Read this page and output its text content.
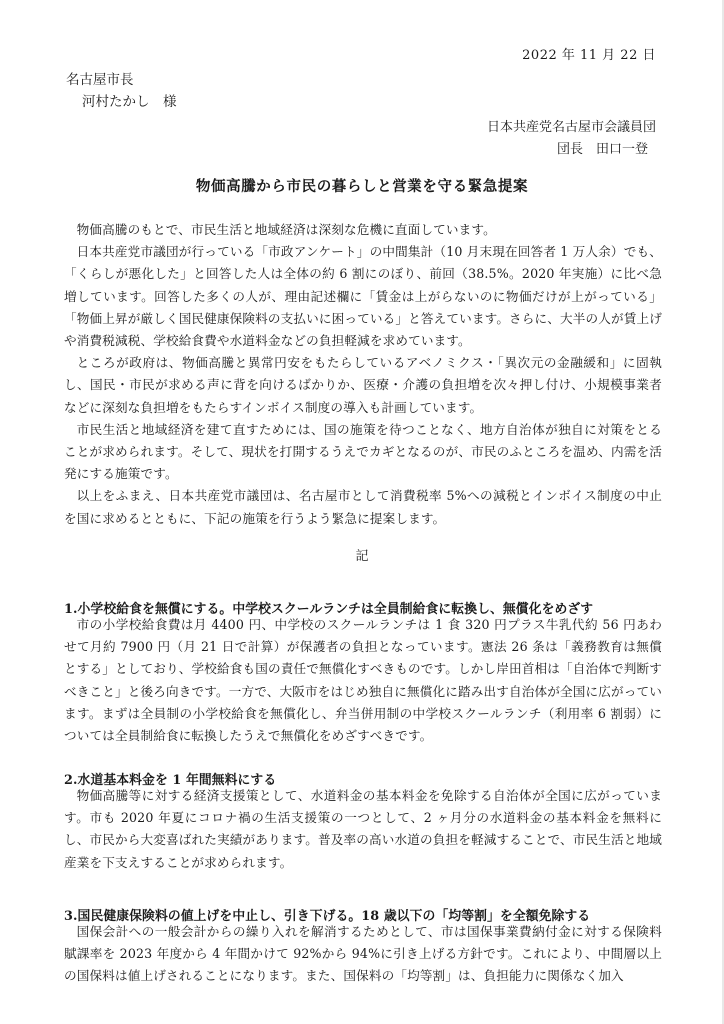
2022 年 11 月 22 日
名古屋市長
河村たかし　様
日本共産党名古屋市会議員団
団長　田口一登
物価高騰から市民の暮らしと営業を守る緊急提案

物価高騰のもとで、市民生活と地域経済は深刻な危機に直面しています。

日本共産党市議団が行っている「市政アンケート」の中間集計（10 月末現在回答者 1 万人余）でも、「くらしが悪化した」と回答した人は全体の約 6 割にのぼり、前回（38.5%。2020 年実施）に比べ急増しています。回答した多くの人が、理由記述欄に「賃金は上がらないのに物価だけが上がっている」「物価上昇が厳しく国民健康保険料の支払いに困っている」と答えています。さらに、大半の人が賃上げや消費税減税、学校給食費や水道料金などの負担軽減を求めています。

ところが政府は、物価高騰と異常円安をもたらしているアベノミクス・「異次元の金融緩和」に固執し、国民・市民が求める声に背を向けるばかりか、医療・介護の負担増を次々押し付け、小規模事業者などに深刻な負担増をもたらすインボイス制度の導入も計画しています。

市民生活と地域経済を建て直すためには、国の施策を待つことなく、地方自治体が独自に対策をとることが求められます。そして、現状を打開するうえでカギとなるのが、市民のふところを温め、内需を活発にする施策です。

以上をふまえ、日本共産党市議団は、名古屋市として消費税率 5%への減税とインボイス制度の中止を国に求めるとともに、下記の施策を行うよう緊急に提案します。

記
1.小学校給食を無償にする。中学校スクールランチは全員制給食に転換し、無償化をめざす

市の小学校給食費は月 4400 円、中学校のスクールランチは 1 食 320 円プラス牛乳代約 56 円あわせて月約 7900 円（月 21 日で計算）が保護者の負担となっています。憲法 26 条は「義務教育は無償とする」としており、学校給食も国の責任で無償化すべきものです。しかし岸田首相は「自治体で判断すべきこと」と後ろ向きです。一方で、大阪市をはじめ独自に無償化に踏み出す自治体が全国に広がっています。まずは全員制の小学校給食を無償化し、弁当併用制の中学校スクールランチ（利用率 6 割弱）については全員制給食に転換したうえで無償化をめざすべきです。

2.水道基本料金を 1 年間無料にする

物価高騰等に対する経済支援策として、水道料金の基本料金を免除する自治体が全国に広がっています。市も 2020 年夏にコロナ禍の生活支援策の一つとして、2 ヶ月分の水道料金の基本料金を無料にし、市民から大変喜ばれた実績があります。普及率の高い水道の負担を軽減することで、市民生活と地域産業を下支えすることが求められます。

3.国民健康保険料の値上げを中止し、引き下げる。18 歳以下の「均等割」を全額免除する

国保会計への一般会計からの繰り入れを解消するためとして、市は国保事業費納付金に対する保険料賦課率を 2023 年度から 4 年間かけて 92%から 94%に引き上げる方針です。これにより、中間層以上の国保料は値上げされることになります。また、国保料の「均等割」は、負担能力に関係なく加入
